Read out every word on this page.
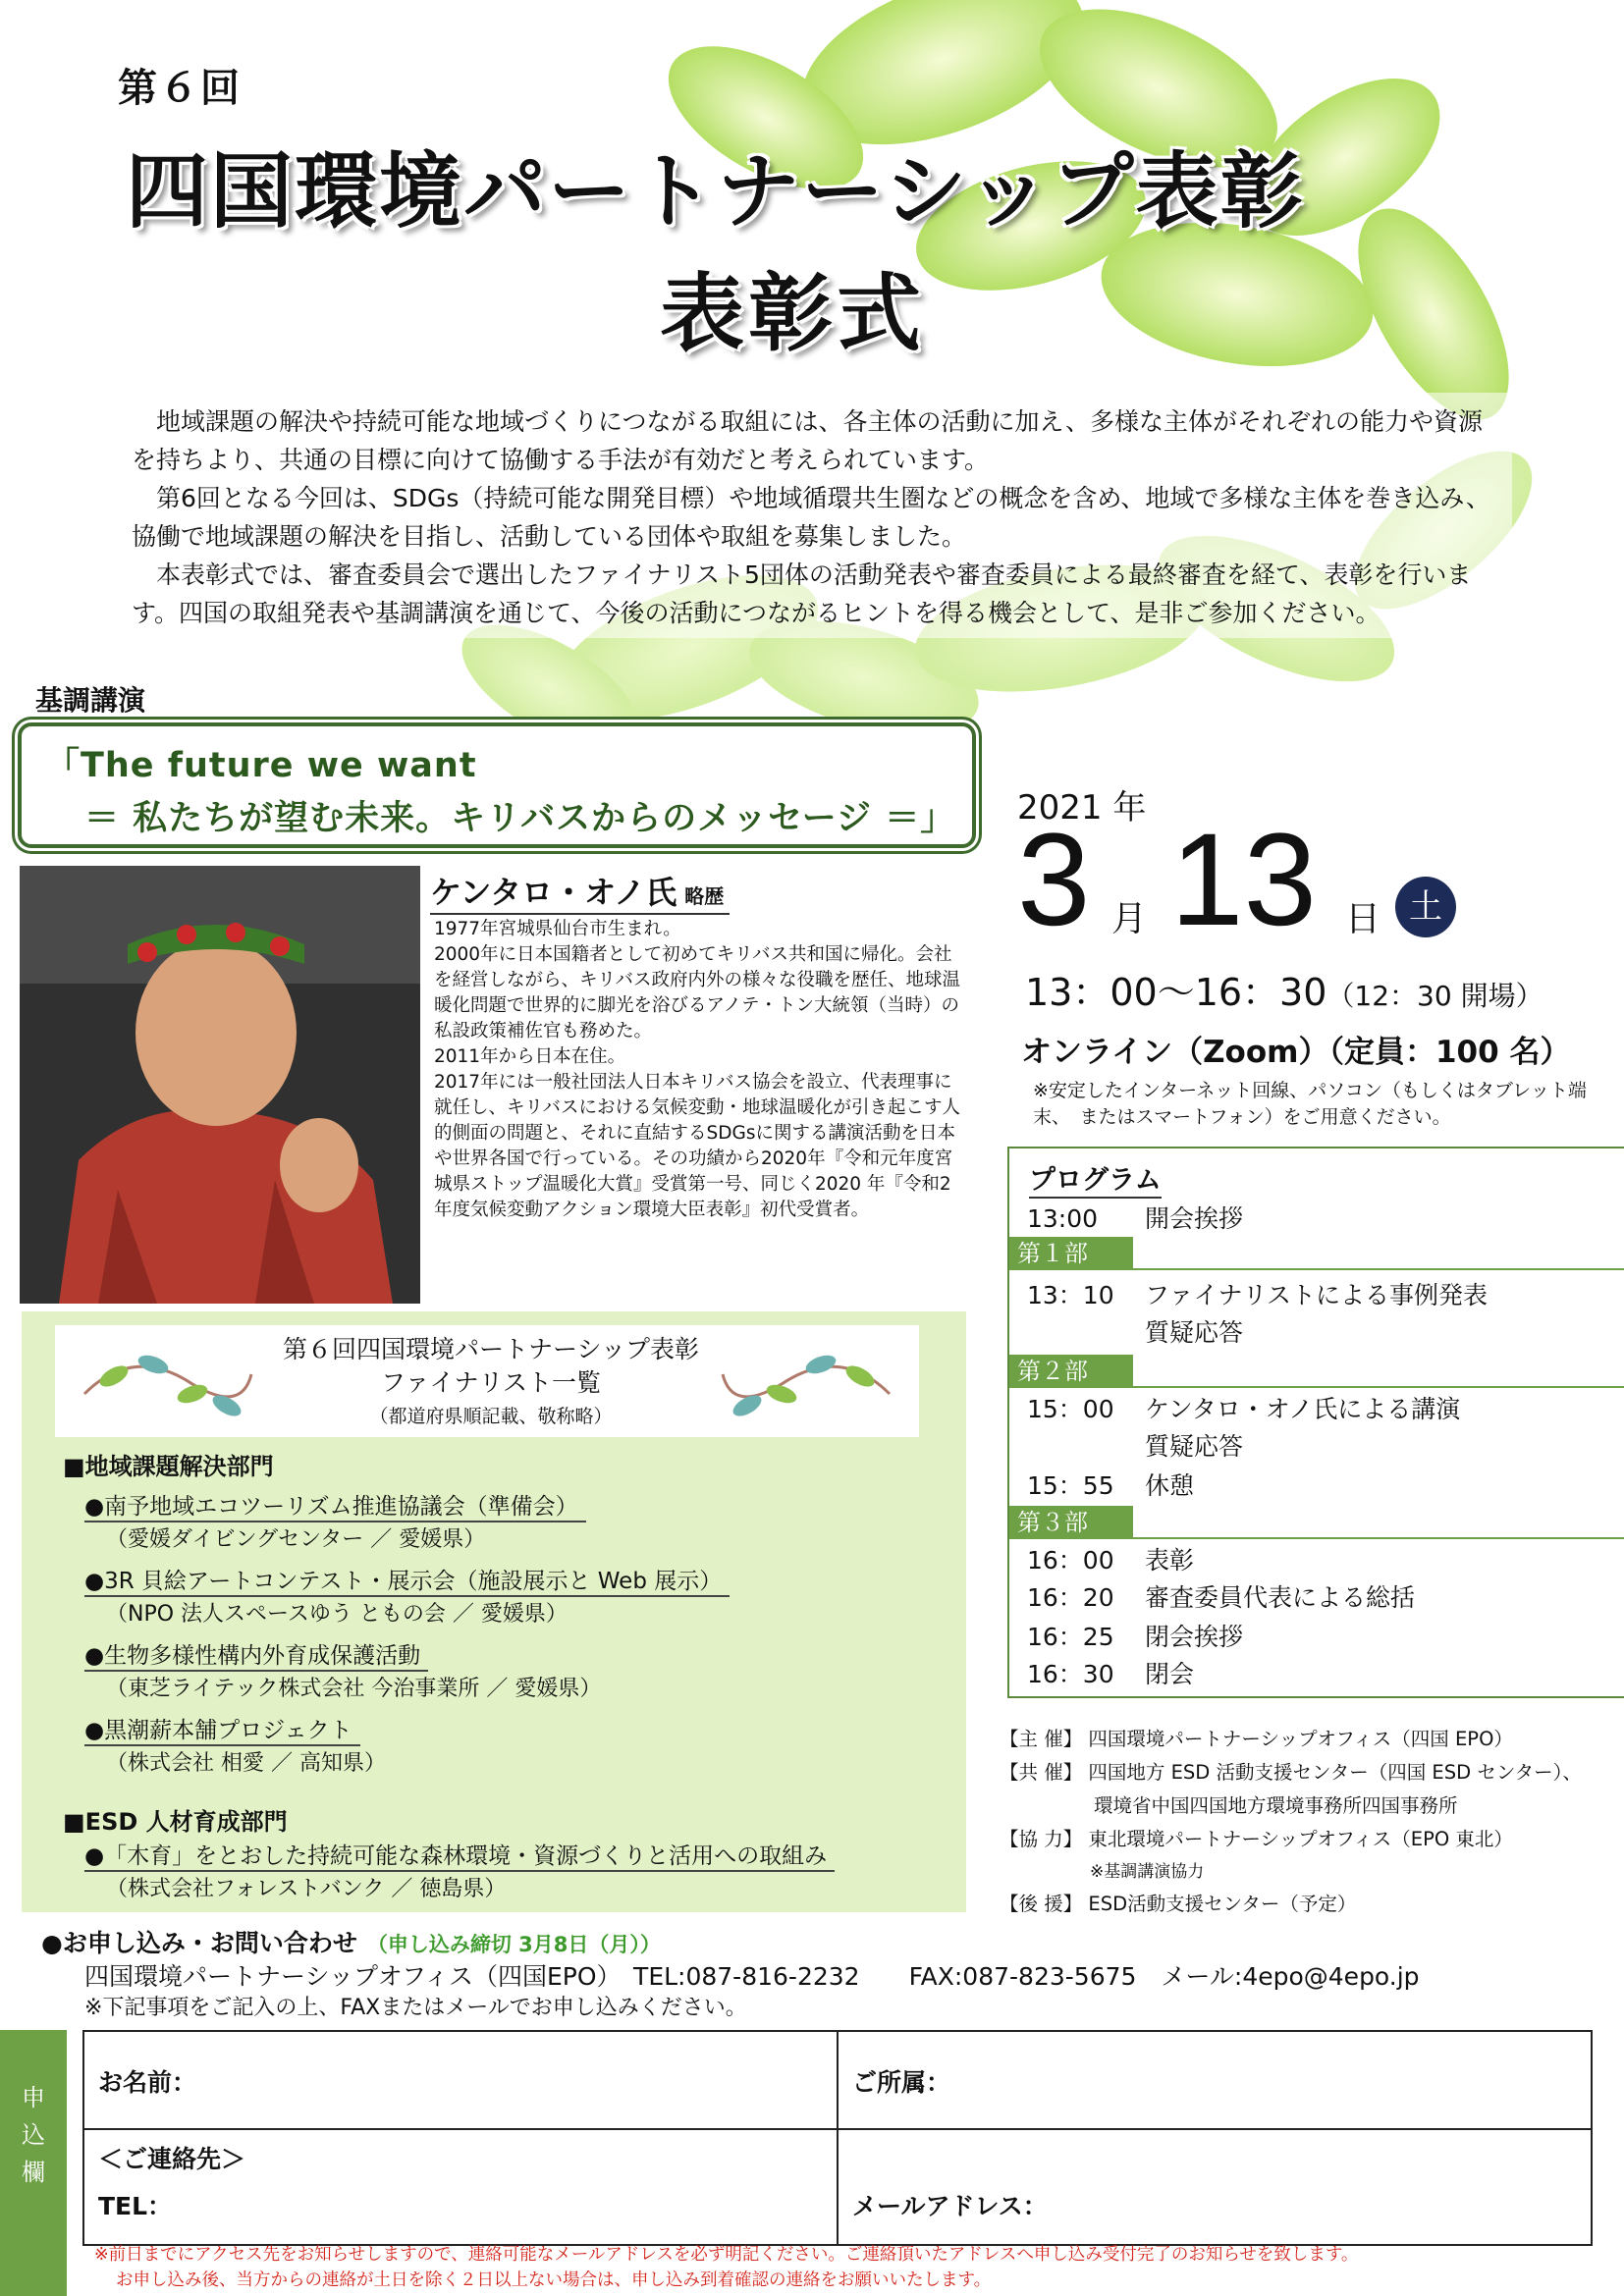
第６回
四国環境パートナーシップ表彰
表彰式

地域課題の解決や持続可能な地域づくりにつながる取組には、各主体の活動に加え、多様な主体がそれぞれの能力や資源を持ちより、共通の目標に向けて協働する手法が有効だと考えられています。

第6回となる今回は、SDGs（持続可能な開発目標）や地域循環共生圏などの概念を含め、地域で多様な主体を巻き込み、協働で地域課題の解決を目指し、活動している団体や取組を募集しました。

本表彰式では、審査委員会で選出したファイナリスト5団体の活動発表や審査委員による最終審査を経て、表彰を行います。四国の取組発表や基調講演を通じて、今後の活動につながるヒントを得る機会として、是非ご参加ください。

基調講演
「The future we want
＝ 私たちが望む未来。キリバスからのメッセージ ＝」
ケンタロ・オノ氏 略歴
1977年宮城県仙台市生まれ。
2000年に日本国籍者として初めてキリバス共和国に帰化。会社を経営しながら、キリバス政府内外の様々な役職を歴任、地球温暖化問題で世界的に脚光を浴びるアノテ・トン大統領（当時）の私設政策補佐官も務めた。
2011年から日本在住。
2017年には一般社団法人日本キリバス協会を設立、代表理事に就任し、キリバスにおける気候変動・地球温暖化が引き起こす人的側面の問題と、それに直結するSDGsに関する講演活動を日本や世界各国で行っている。その功績から2020年『令和元年度宮城県ストップ温暖化大賞』受賞第一号、同じく2020 年『令和2年度気候変動アクション環境大臣表彰』初代受賞者。
第６回四国環境パートナーシップ表彰
ファイナリスト一覧
（都道府県順記載、敬称略）
■地域課題解決部門
●南予地域エコツーリズム推進協議会（準備会）
（愛媛ダイビングセンター ／ 愛媛県）
●3R 貝絵アートコンテスト・展示会（施設展示と Web 展示）
（NPO 法人スペースゆう ともの会 ／ 愛媛県）
●生物多様性構内外育成保護活動
（東芝ライテック株式会社 今治事業所 ／ 愛媛県）
●黒潮薪本舗プロジェクト
（株式会社 相愛 ／ 高知県）
■ESD 人材育成部門
●「木育」をとおした持続可能な森林環境・資源づくりと活用への取組み
（株式会社フォレストバンク ／ 徳島県）
2021 年
3 月 13 日 土
13：00～16：30（12：30 開場）
オンライン（Zoom）（定員：100 名）
※安定したインターネット回線、パソコン（もしくはタブレット端末、　またはスマートフォン）をご用意ください。
プログラム
13:00 開会挨拶
第１部
13：10 ファイナリストによる事例発表
質疑応答
第２部
15：00 ケンタロ・オノ氏による講演
質疑応答
15：55 休憩
第３部
16：00 表彰
16：20 審査委員代表による総括
16：25 閉会挨拶
16：30 閉会
【主 催】 四国環境パートナーシップオフィス（四国 EPO）
【共 催】 四国地方 ESD 活動支援センター（四国 ESD センター）、
環境省中国四国地方環境事務所四国事務所
【協 力】 東北環境パートナーシップオフィス（EPO 東北）
※基調講演協力
【後 援】 ESD活動支援センター（予定）
●お申し込み・お問い合わせ （申し込み締切 3月8日（月））
四国環境パートナーシップオフィス（四国EPO）　TEL:087-816-2232　　FAX:087-823-5675　メール:4epo@4epo.jp
※下記事項をご記入の上、FAXまたはメールでお申し込みください。
申
込
欄
お名前：	ご所属：
＜ご連絡先＞
TEL：	メールアドレス：
※前日までにアクセス先をお知らせしますので、連絡可能なメールアドレスを必ず明記ください。ご連絡頂いたアドレスへ申し込み受付完了のお知らせを致します。
お申し込み後、当方からの連絡が土日を除く２日以上ない場合は、申し込み到着確認の連絡をお願いいたします。
